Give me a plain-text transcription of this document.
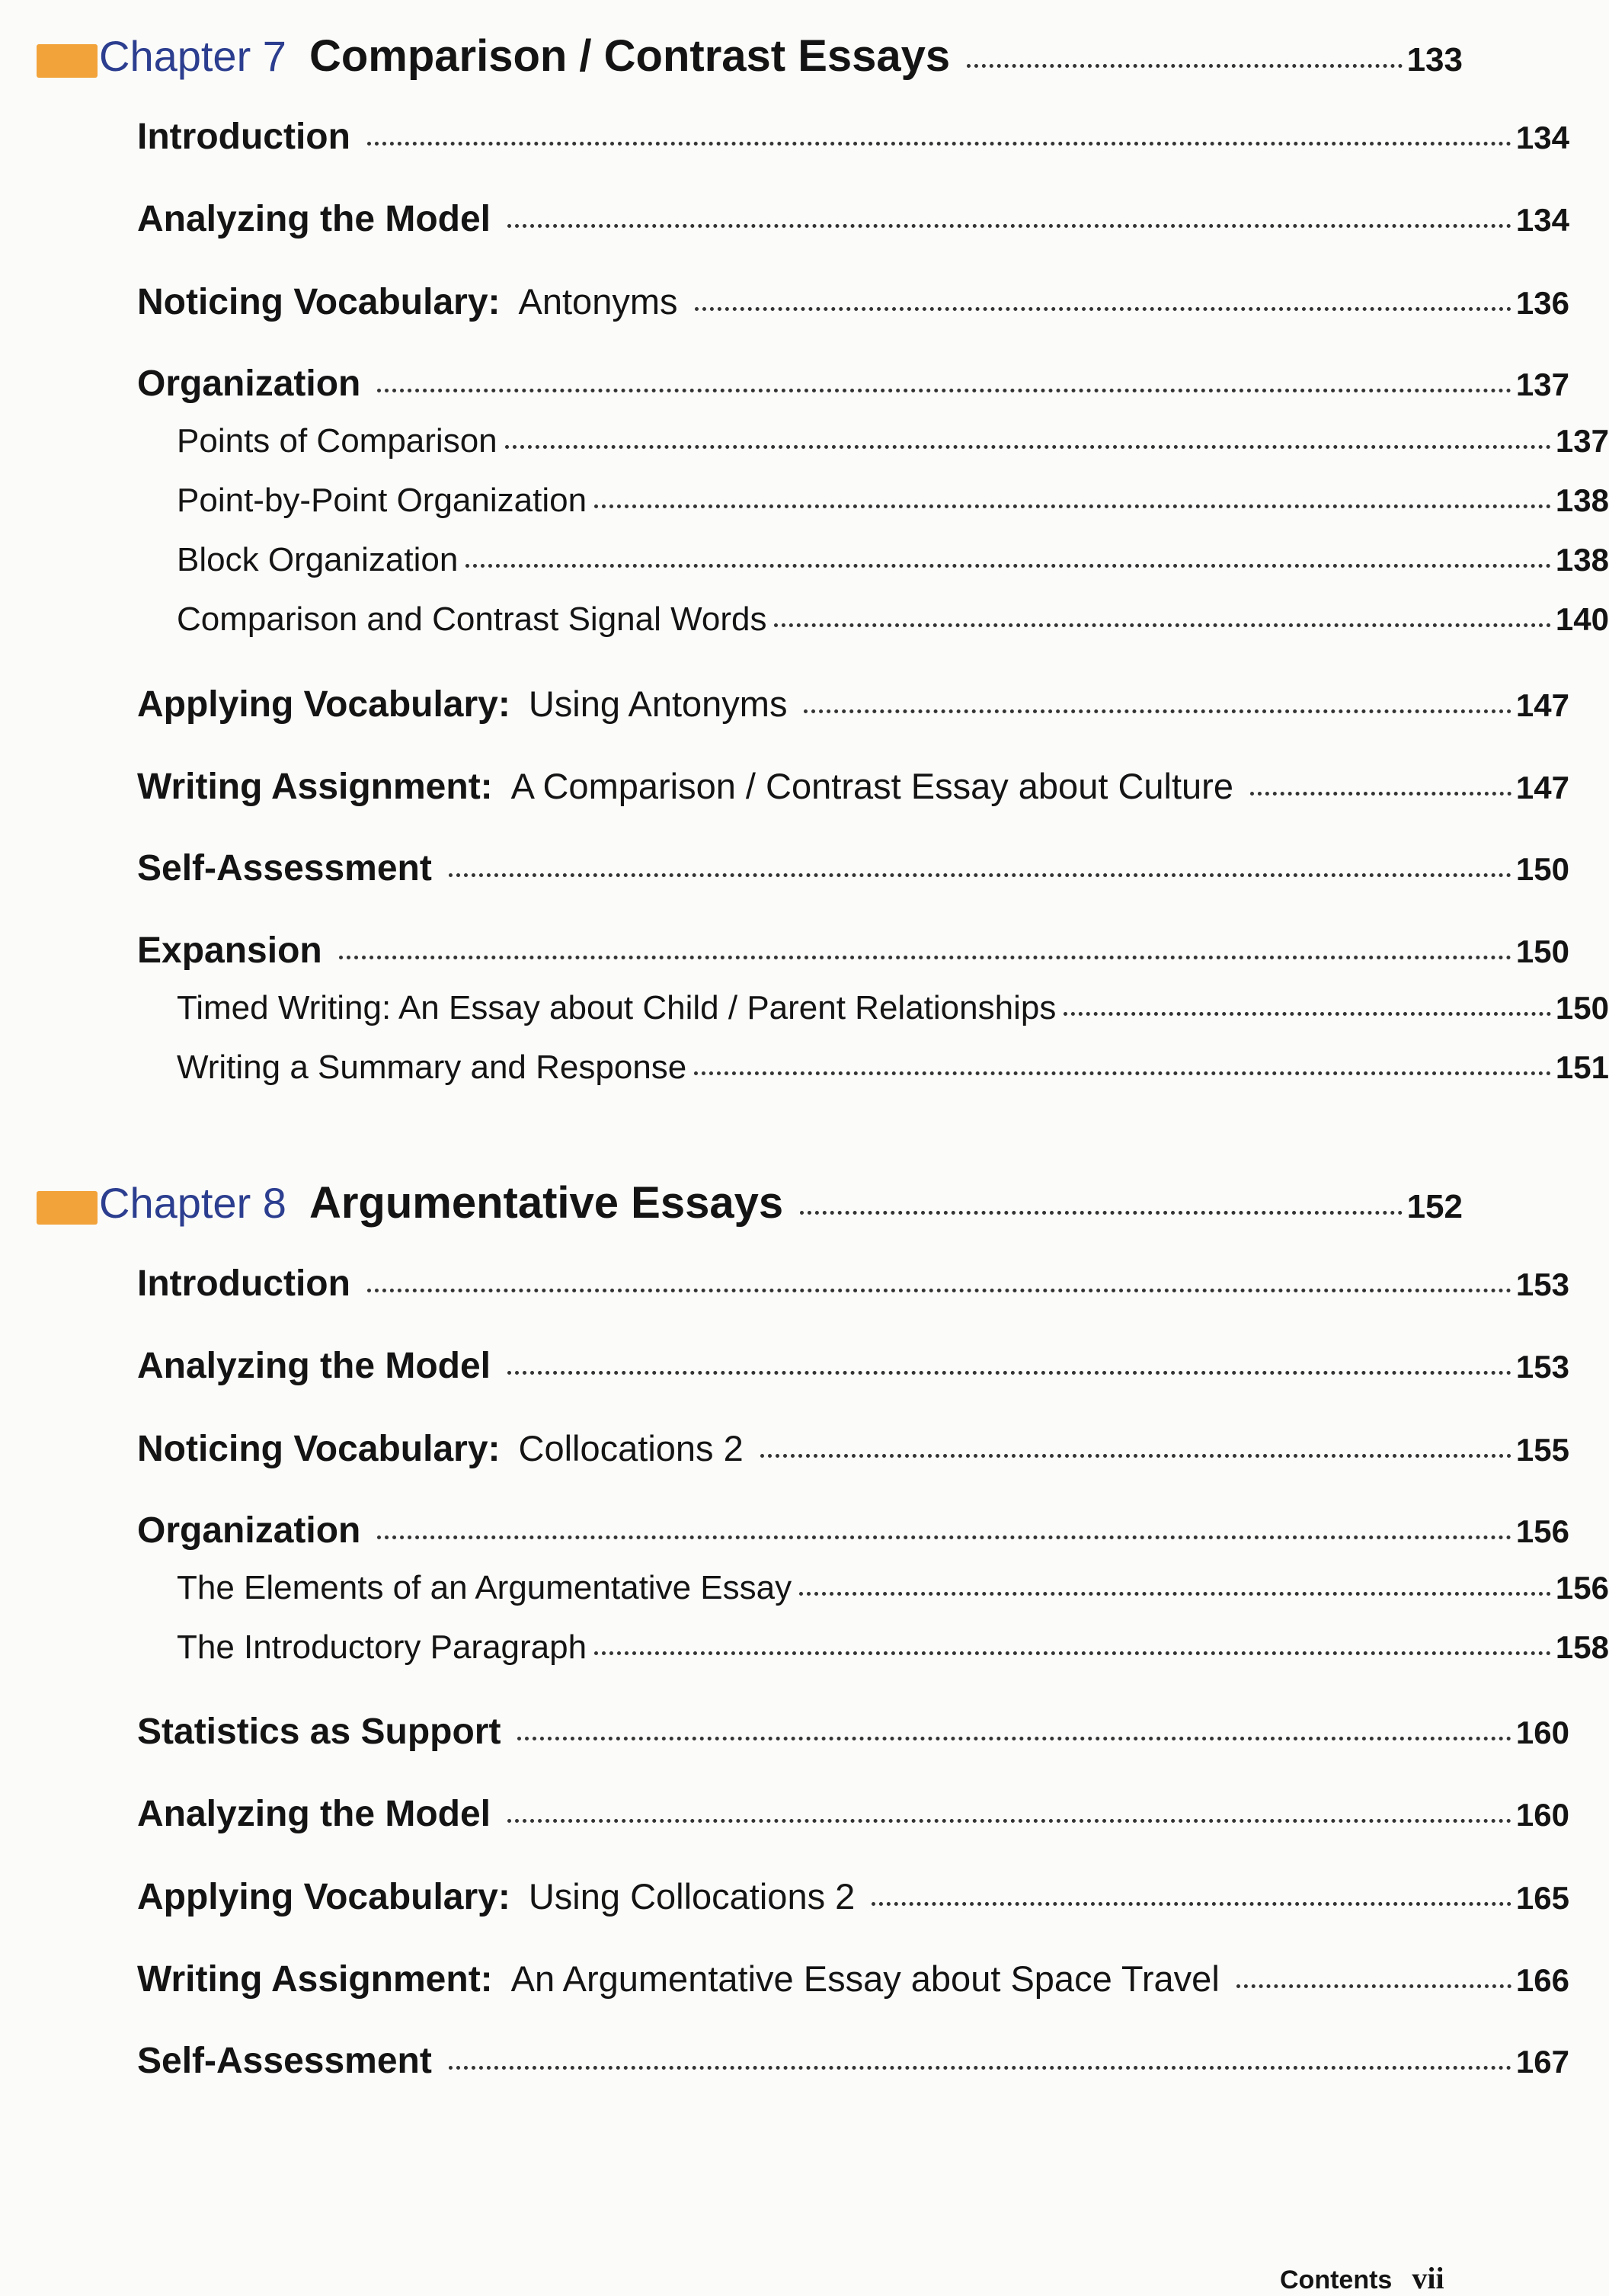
Chapter 7 Comparison / Contrast Essays	133
Introduction	134
Analyzing the Model	134
Noticing Vocabulary: Antonyms	136
Organization	137
Points of Comparison	137
Point-by-Point Organization	138
Block Organization	138
Comparison and Contrast Signal Words	140
Applying Vocabulary: Using Antonyms	147
Writing Assignment: A Comparison / Contrast Essay about Culture	147
Self-Assessment	150
Expansion	150
Timed Writing: An Essay about Child / Parent Relationships	150
Writing a Summary and Response	151
Chapter 8 Argumentative Essays	152
Introduction	153
Analyzing the Model	153
Noticing Vocabulary: Collocations 2	155
Organization	156
The Elements of an Argumentative Essay	156
The Introductory Paragraph	158
Statistics as Support	160
Analyzing the Model	160
Applying Vocabulary: Using Collocations 2	165
Writing Assignment: An Argumentative Essay about Space Travel	166
Self-Assessment	167
Contents vii
